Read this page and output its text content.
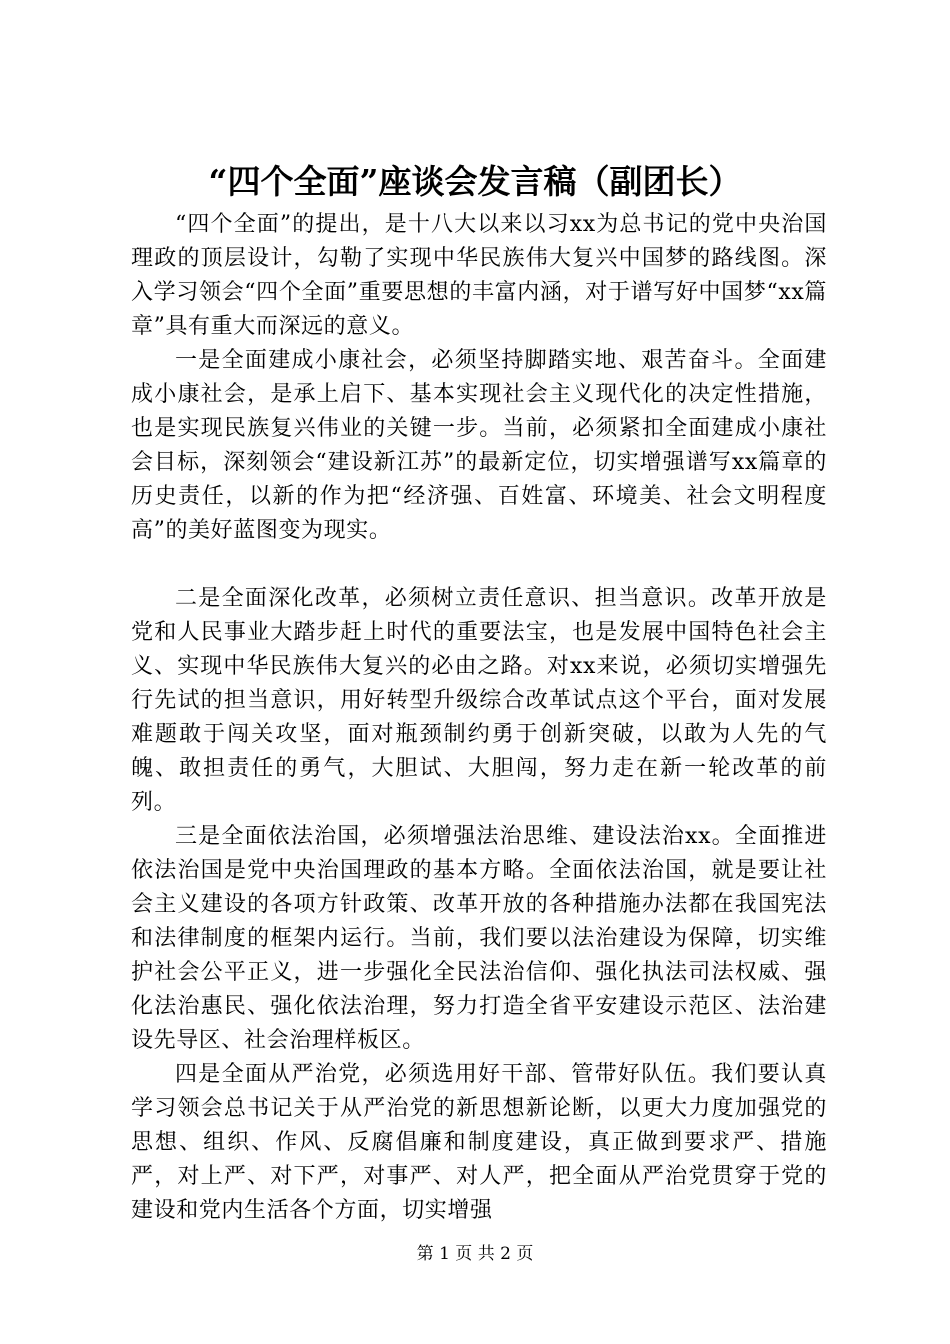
“四个全面”座谈会发言稿（副团长）

“四个全面”的提出，是十八大以来以习xx为总书记的党中央治国理政的顶层设计，勾勒了实现中华民族伟大复兴中国梦的路线图。深入学习领会“四个全面”重要思想的丰富内涵，对于谱写好中国梦“xx篇章”具有重大而深远的意义。

一是全面建成小康社会，必须坚持脚踏实地、艰苦奋斗。全面建成小康社会，是承上启下、基本实现社会主义现代化的决定性措施，也是实现民族复兴伟业的关键一步。当前，必须紧扣全面建成小康社会目标，深刻领会“建设新江苏”的最新定位，切实增强谱写xx篇章的历史责任，以新的作为把“经济强、百姓富、环境美、社会文明程度高”的美好蓝图变为现实。

二是全面深化改革，必须树立责任意识、担当意识。改革开放是党和人民事业大踏步赶上时代的重要法宝，也是发展中国特色社会主义、实现中华民族伟大复兴的必由之路。对xx来说，必须切实增强先行先试的担当意识，用好转型升级综合改革试点这个平台，面对发展难题敢于闯关攻坚，面对瓶颈制约勇于创新突破，以敢为人先的气魄、敢担责任的勇气，大胆试、大胆闯，努力走在新一轮改革的前列。

三是全面依法治国，必须增强法治思维、建设法治xx。全面推进依法治国是党中央治国理政的基本方略。全面依法治国，就是要让社会主义建设的各项方针政策、改革开放的各种措施办法都在我国宪法和法律制度的框架内运行。当前，我们要以法治建设为保障，切实维护社会公平正义，进一步强化全民法治信仰、强化执法司法权威、强化法治惠民、强化依法治理，努力打造全省平安建设示范区、法治建设先导区、社会治理样板区。

四是全面从严治党，必须选用好干部、管带好队伍。我们要认真学习领会总书记关于从严治党的新思想新论断，以更大力度加强党的思想、组织、作风、反腐倡廉和制度建设，真正做到要求严、措施严，对上严、对下严，对事严、对人严，把全面从严治党贯穿于党的建设和党内生活各个方面，切实增强

第 1 页 共 2 页
